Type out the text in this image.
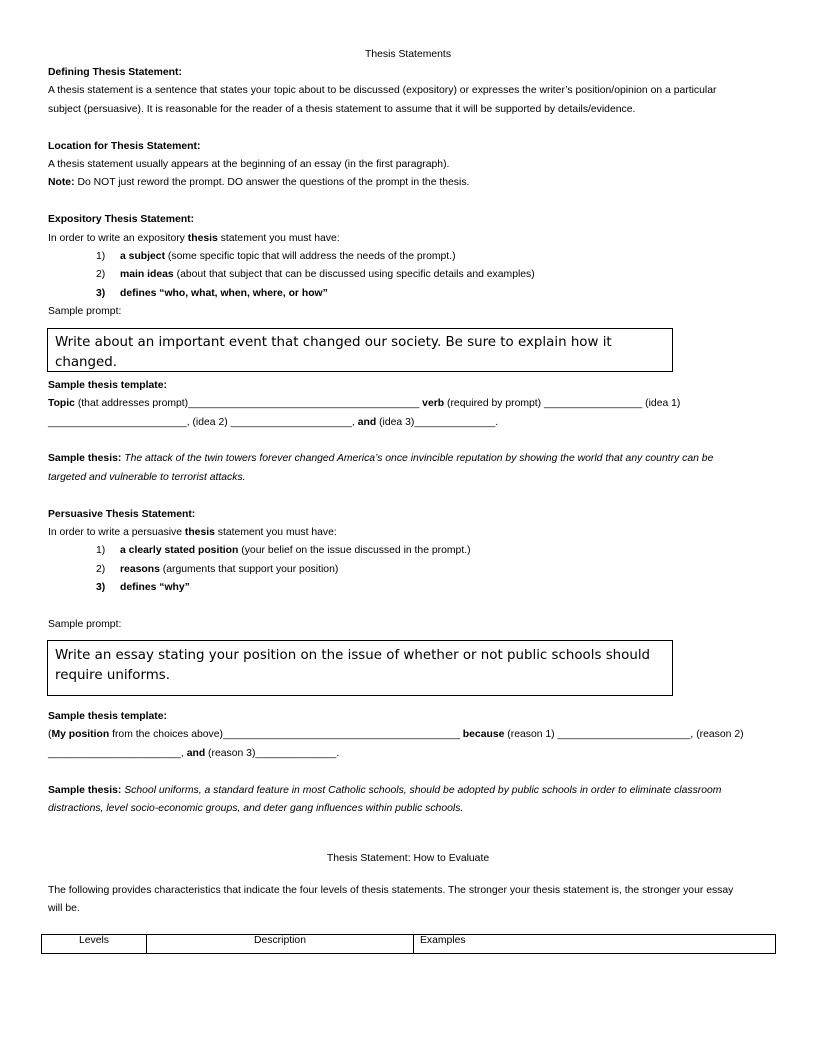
Thesis Statements
Defining Thesis Statement:
A thesis statement is a sentence that states your topic about to be discussed (expository) or expresses the writer’s position/opinion on a particular
subject (persuasive). It is reasonable for the reader of a thesis statement to assume that it will be supported by details/evidence.
Location for Thesis Statement:
A thesis statement usually appears at the beginning of an essay (in the first paragraph).
Note: Do NOT just reword the prompt. DO answer the questions of the prompt in the thesis.
Expository Thesis Statement:
In order to write an expository thesis statement you must have:
1) a subject (some specific topic that will address the needs of the prompt.)
2) main ideas (about that subject that can be discussed using specific details and examples)
3) defines “who, what, when, where, or how”
Sample prompt:
Write about an important event that changed our society. Be sure to explain how it changed.
Sample thesis template:
Topic (that addresses prompt)________________________________________ verb (required by prompt) _________________ (idea 1)
________________________, (idea 2) _____________________, and (idea 3)______________.
Sample thesis: The attack of the twin towers forever changed America’s once invincible reputation by showing the world that any country can be
targeted and vulnerable to terrorist attacks.
Persuasive Thesis Statement:
In order to write a persuasive thesis statement you must have:
1) a clearly stated position (your belief on the issue discussed in the prompt.)
2) reasons (arguments that support your position)
3) defines “why”
Sample prompt:
Write an essay stating your position on the issue of whether or not public schools should
require uniforms.
Sample thesis template:
(My position from the choices above)_________________________________________ because (reason 1) _______________________, (reason 2)
_______________________, and (reason 3)______________.
Sample thesis: School uniforms, a standard feature in most Catholic schools, should be adopted by public schools in order to eliminate classroom
distractions, level socio-economic groups, and deter gang influences within public schools.
Thesis Statement: How to Evaluate
The following provides characteristics that indicate the four levels of thesis statements. The stronger your thesis statement is, the stronger your essay
will be.
Levels	Description	Examples
